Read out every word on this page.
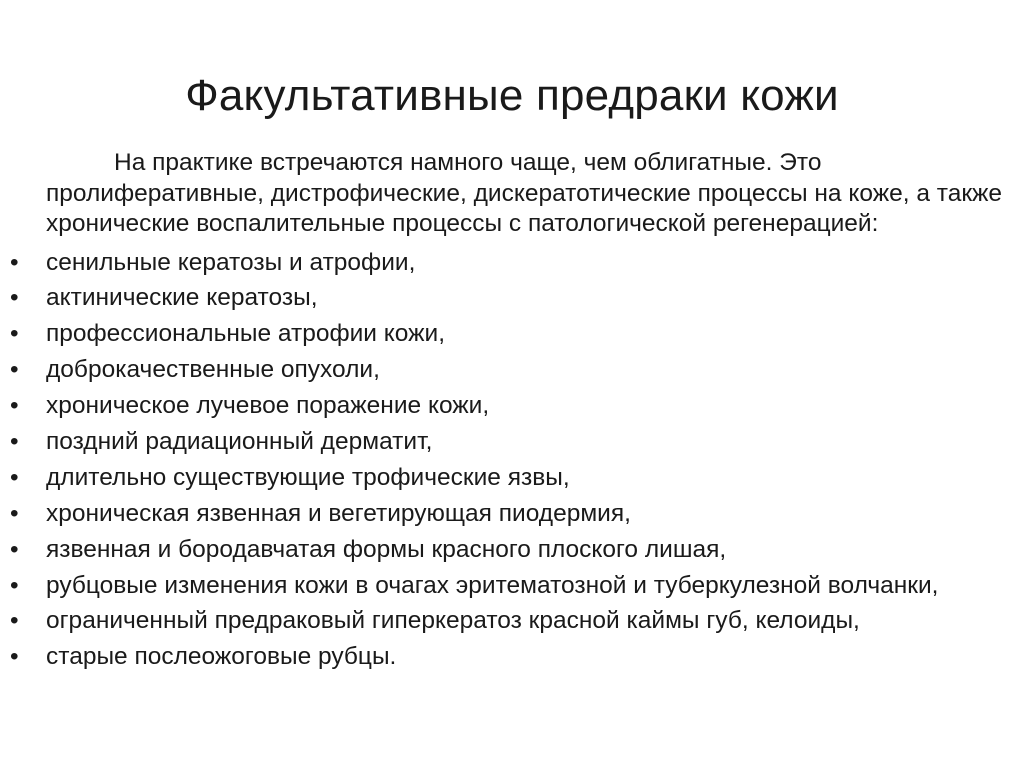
Факультативные предраки кожи

На практике встречаются намного чаще, чем облигатные. Это пролиферативные, дистрофические, дискератотические процессы на коже, а также хронические воспалительные процессы с патологической регенерацией:

•	сенильные кератозы и атрофии,
•	актинические кератозы,
•	профессиональные атрофии кожи,
•	доброкачественные опухоли,
•	хроническое лучевое поражение кожи,
•	поздний радиационный дерматит,
•	длительно существующие трофические язвы,
•	хроническая язвенная и вегетирующая пиодермия,
•	язвенная и бородавчатая формы красного плоского лишая,
•	рубцовые изменения кожи в очагах эритематозной и туберкулезной волчанки,
•	ограниченный предраковый гиперкератоз красной каймы губ, келоиды,
•	старые послеожоговые рубцы.
